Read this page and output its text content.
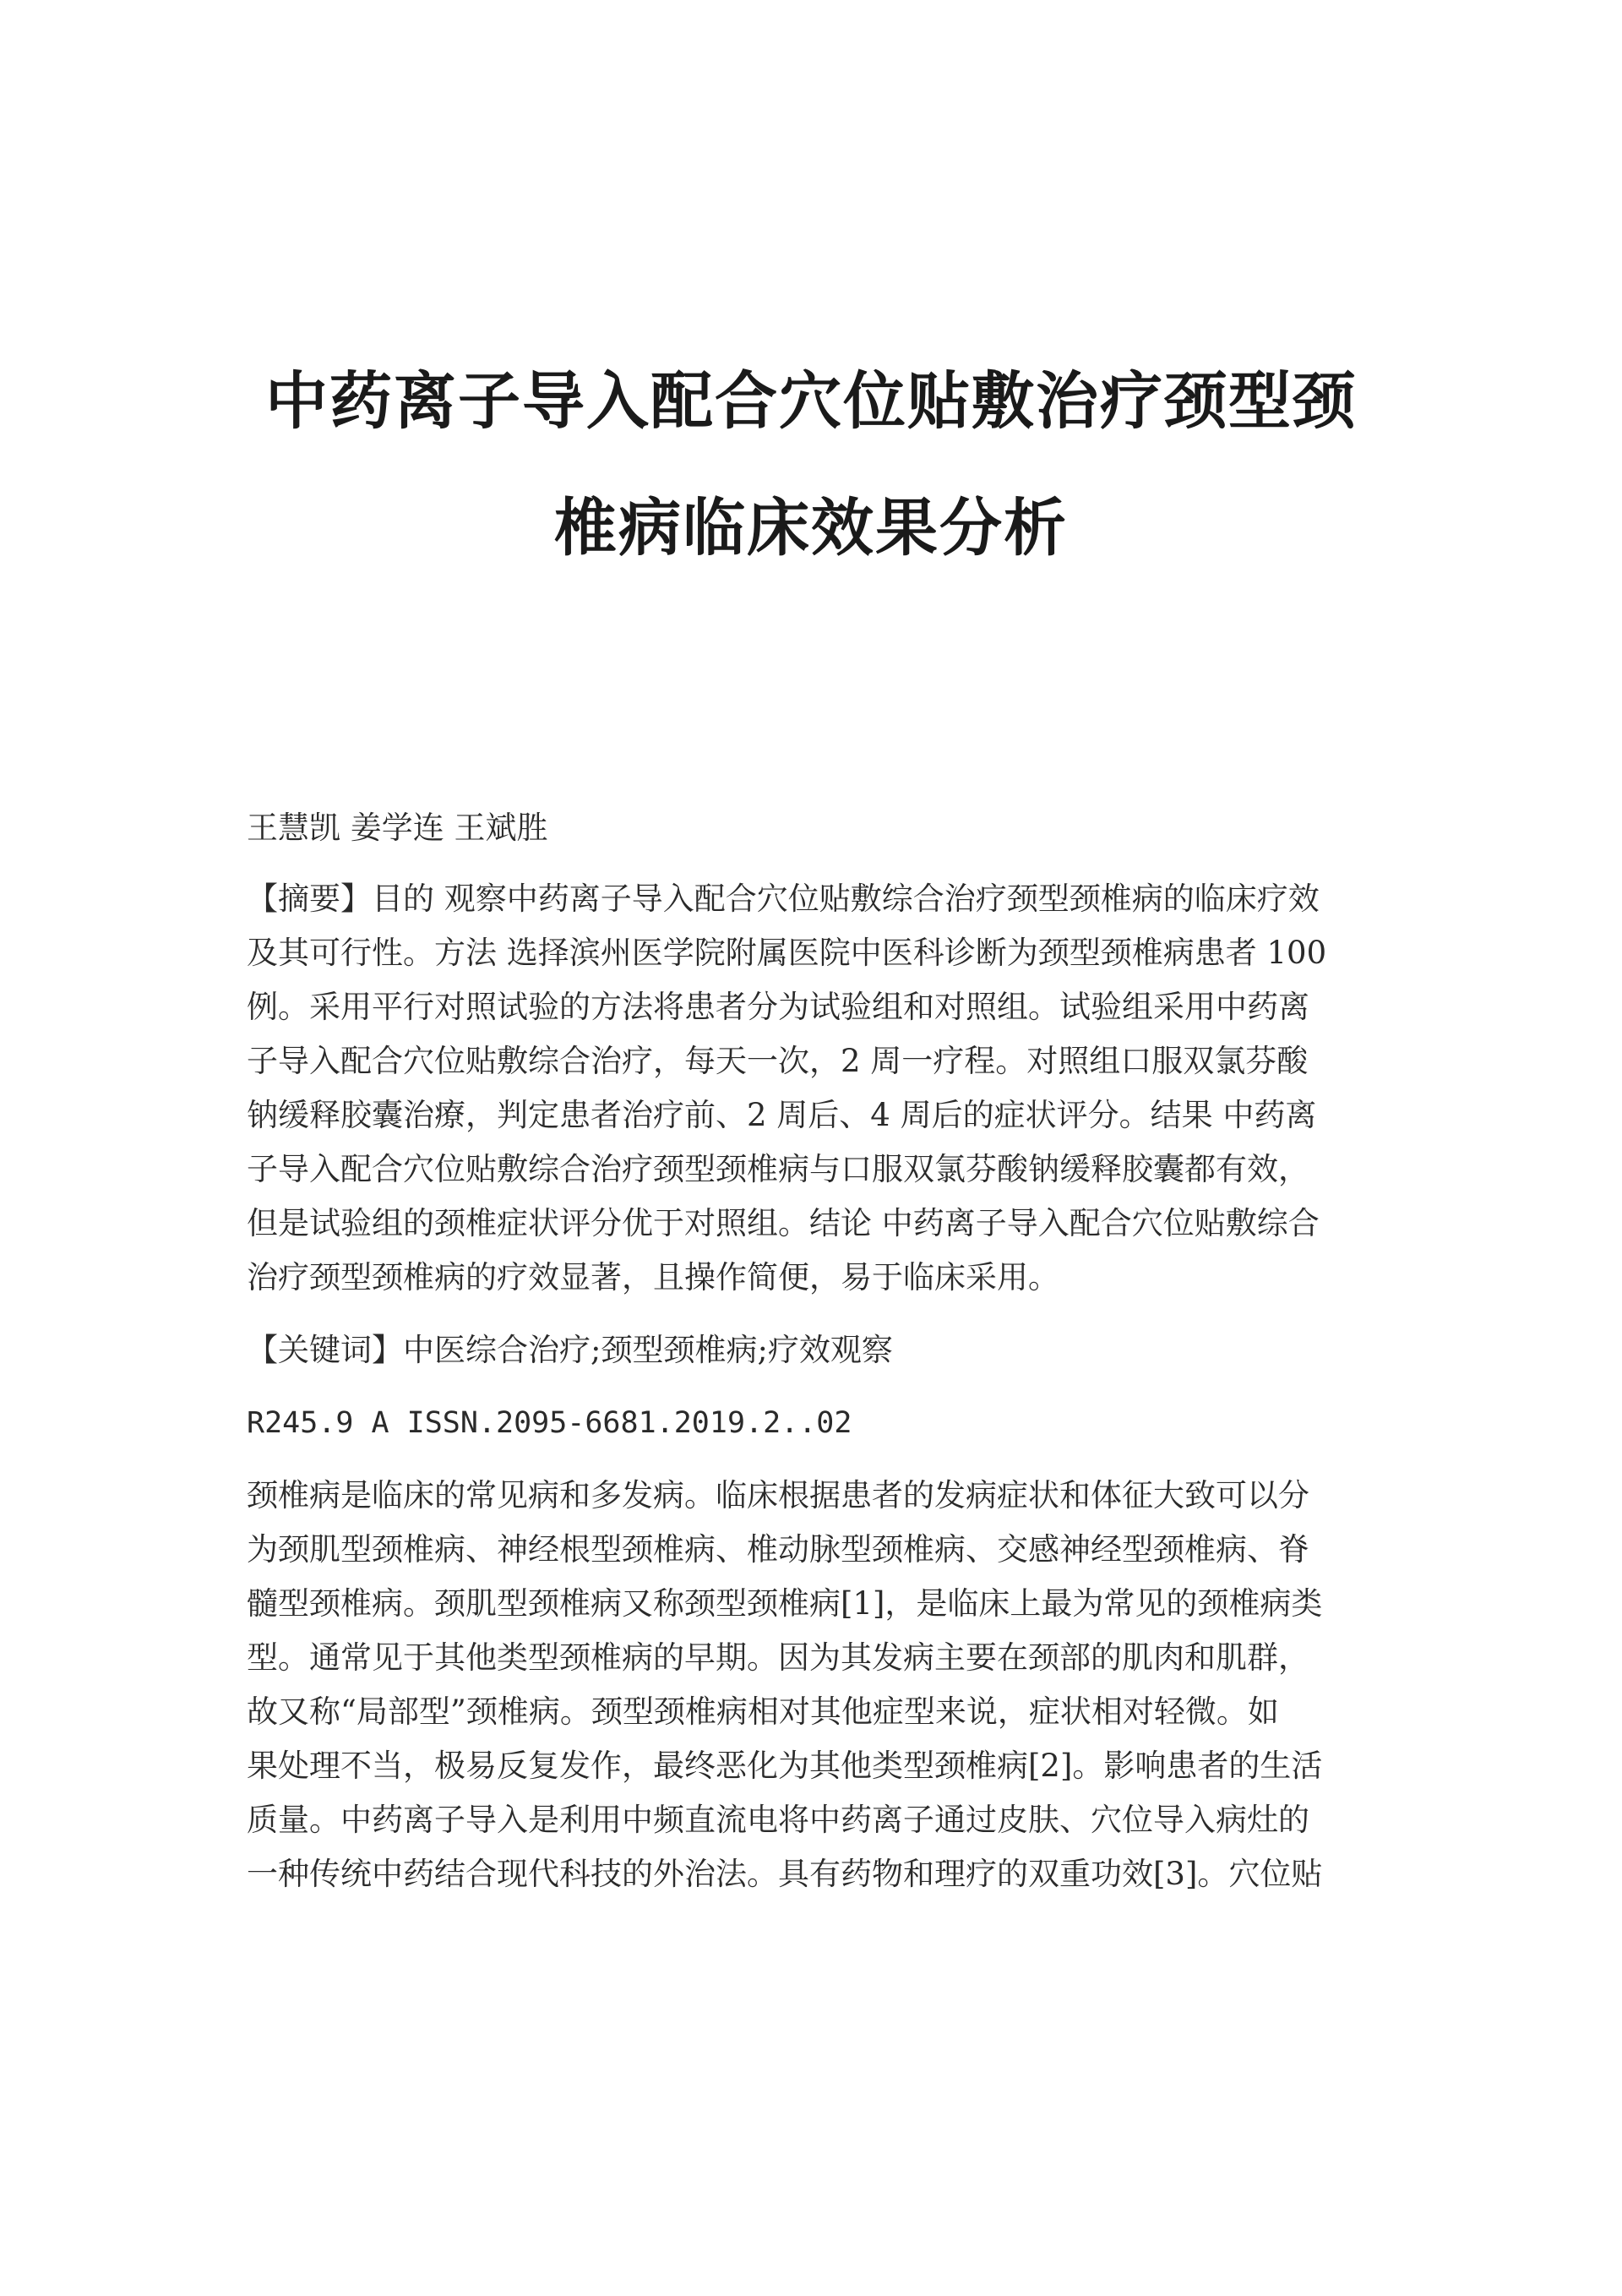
中药离子导入配合穴位贴敷治疗颈型颈
椎病临床效果分析
王慧凯 姜学连 王斌胜
【摘要】目的 观察中药离子导入配合穴位贴敷综合治疗颈型颈椎病的临床疗效
及其可行性。方法 选择滨州医学院附属医院中医科诊断为颈型颈椎病患者 100
例。采用平行对照试验的方法将患者分为试验组和对照组。试验组采用中药离
子导入配合穴位贴敷综合治疗，每天一次，2 周一疗程。对照组口服双氯芬酸
钠缓释胶囊治療，判定患者治疗前、2 周后、4 周后的症状评分。结果 中药离
子导入配合穴位贴敷综合治疗颈型颈椎病与口服双氯芬酸钠缓释胶囊都有效，
但是试验组的颈椎症状评分优于对照组。结论 中药离子导入配合穴位贴敷综合
治疗颈型颈椎病的疗效显著，且操作简便，易于临床采用。
【关键词】中医综合治疗;颈型颈椎病;疗效观察
R245.9 A ISSN.2095-6681.2019.2..02
颈椎病是临床的常见病和多发病。临床根据患者的发病症状和体征大致可以分
为颈肌型颈椎病、神经根型颈椎病、椎动脉型颈椎病、交感神经型颈椎病、脊
髓型颈椎病。颈肌型颈椎病又称颈型颈椎病[1]，是临床上最为常见的颈椎病类
型。通常见于其他类型颈椎病的早期。因为其发病主要在颈部的肌肉和肌群，
故又称“局部型”颈椎病。颈型颈椎病相对其他症型来说，症状相对轻微。如
果处理不当，极易反复发作，最终恶化为其他类型颈椎病[2]。影响患者的生活
质量。中药离子导入是利用中频直流电将中药离子通过皮肤、穴位导入病灶的
一种传统中药结合现代科技的外治法。具有药物和理疗的双重功效[3]。穴位贴
